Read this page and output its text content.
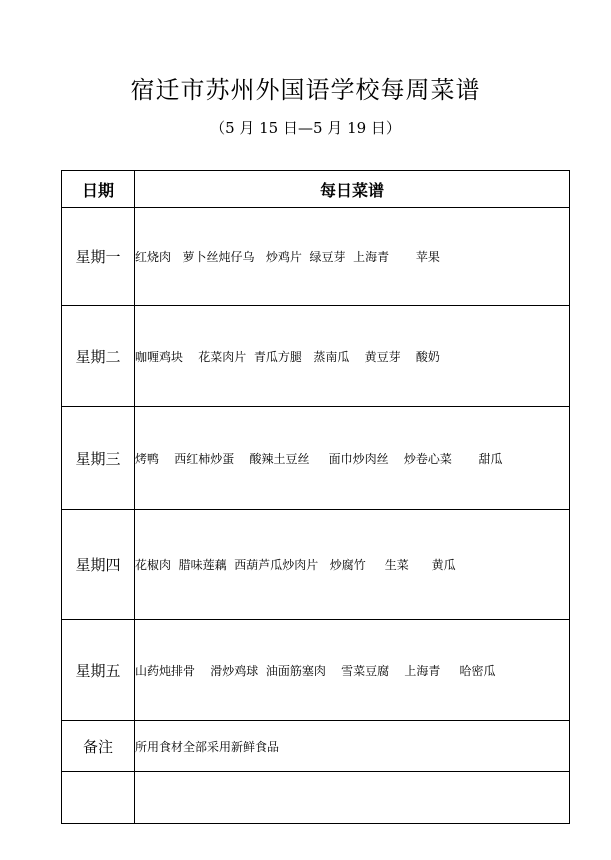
宿迁市苏州外国语学校每周菜谱
（5 月 15 日—5 月 19 日）
日期	每日菜谱
星期一	红烧肉   萝卜丝炖仔乌   炒鸡片  绿豆芽  上海青       苹果
星期二	咖喱鸡块    花菜肉片  青瓜方腿   蒸南瓜    黄豆芽    酸奶
星期三	烤鸭    西红柿炒蛋    酸辣土豆丝     面巾炒肉丝    炒卷心菜       甜瓜
星期四	花椒肉  腊味莲藕  西葫芦瓜炒肉片   炒腐竹     生菜      黄瓜
星期五	山药炖排骨    滑炒鸡球  油面筋塞肉    雪菜豆腐    上海青     哈密瓜
备注	所用食材全部采用新鲜食品
